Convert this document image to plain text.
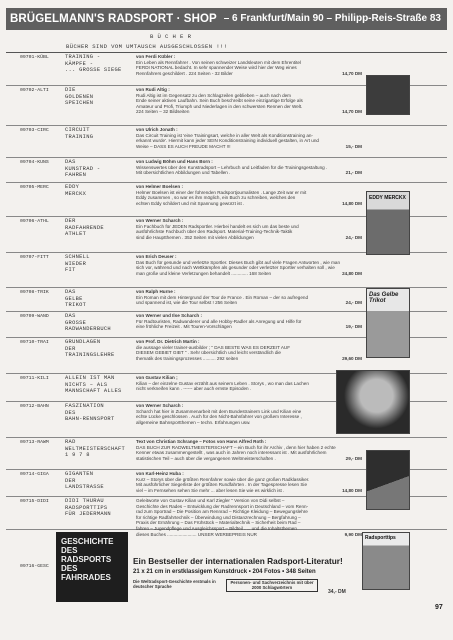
BRÜGELMANN'S RADSPORT · SHOP – 6 Frankfurt/Main 90 – Philipp-Reis-Straße 83
B Ü C H E R
BÜCHER SIND VOM UMTAUSCH AUSGESCHLOSSEN !!!
09701-KÜBL	TRAINING -
KÄMPFE -
... GROSSE SIEGE
von Ferdi Kübler :
Ein Leben als Rennfahrer . Von seinen schweizer Landsleuten mit dem Ehrentitel
FERDI NATIONAL bedacht. In sehr spannender Weise wird hier der Weg eines
Rennfahrers geschildert . 224 Seiten - 32 Bilder	14,70 DM
09702-ALTI	DIE
GOLDENEN
SPEICHEN
von Rudi Altig :
Rudi Altig ist im Gegensatz zu den Schlagzeilen geblieben – auch nach dem
Ende seiner aktiven Laufbahn. Sein Buch beschreibt seine einzigartige Erfolge als
Amateur und Profi, Triumph und Niederlagen in den schwersten Rennen der Welt.
224 Seiten – 32 Bildseiten	14,70 DM
09703-CIRC	CIRCUIT
TRAINING
von Ulrich Jonath :
Das Circuit Training ist 'eine Trainingsart, welche in aller Welt als Konditionstraining an-
erkannt wurde'. Hiermit kann jeder SEIN Konditionstraining individuell gestalten, in Art und
Weise – DASS ES AUCH FREUDE MACHT !!!	15,- DM
09704-KUNS	DAS
KUNSTRAD -
FAHREN
von Ludwig Böhm und Hans Born :
Wissenswertes über den Kunstradsport – Lehrbuch und Leitfaden für die Trainingsgestaltung .
Mit übersichtlichen Abbildungen und Tabellen .	21,- DM
09705-MERC	EDDY
MERCKX
von Helmer Boelsen :
Helmer Boelsen ist einer der führenden Radsportjournalisten . Lange Zeit war er mit
Eddy zusammen , so war es ihm möglich, ein Buch zu schreiben, welches den
echten Eddy schildert und mit Spannung gewürzt ist .	14,80 DM
09706-ATHL	DER
RADFAHRENDE
ATHLET
von Werner Scharch :
Ein Fachbuch für JEDEN Radsportler. Hierbei handelt es sich um das beste und
ausführlichste Fachbuch über den Radsport. Material-Training-Technik-Taktik
sind die Hauptthemen . 352 Seiten mit vielen Abbildungen	24,- DM
09707-FITT	SCHNELL
WIEDER
FIT
von Erich Deuser :
Das Buch für gesunde und verletzte Sportler. Dieses Buch gibt auf viele Fragen Antworten , wie man
sich vor, während und nach Wettkämpfen als gesunder oder verletzter Sportler verhalten soll , wie
man große und kleine Verletzungen behandelt ............. 168 Seiten	24,80 DM
09708-TRIK	DAS
GELBE
TRIKOT
von Ralph Hurne :
Ein Roman mit dem Hintergrund der Tour de France . Ein Roman – der so aufregend
und spannend ist, wie die Tour selbst ! 256 Seiten	24,- DM
09709-WAND	DAS
GROSSE
RADWANDERBUCH
von Werner und Ilse Scharch :
Für Radtouristen, Radwanderer und alle Hobby-Radler als Anregung und Hilfe für
eine fröhliche Freizeit . Mit Touren-Vorschlägen	19,- DM
09710-TRAI	GRUNDLAGEN
DER
TRAININGSLEHRE
von Prof. Dr. Dietrich Martin :
die aussage vieler trainer-ausbilder ; " DAS BESTE WAS ES DERZEIT AUF
DIESEM GEBIET GIBT " . Sehr übersichtlich und leicht verständlich die
thematik des trainingsprozesses .......... 292 seiten	29,60 DM
09711-KILI	ALLEIN IST MAN
NICHTS – ALS
MANNSCHAFT ALLES
von Gustav Kilian ;
Kilian – der einzelne Gustav erzählt aus seinem Leben . Storys , wo man das Lachen
nicht verkneifen kann . ------ aber auch ernste Episoden .
09712-BAHN	FASZINATION
DES
BAHN-RENNSPORT
von Werner Scharch :
Scharch hat hier in Zusammenarbeit mit dem Bundestrainern Link und Kilian eine
echte Lücke geschlossen . Auch für den Nicht-Bahnfahrer von großem Interesse ,
allgemeine Bahnsportthemen – techn. Erfahrungen usw.
09713-RAWM	RAD
WELTMEISTERSCHAFT
1 9 7 8
Text von Christian Schrange – Fotos von Hans Alfred Roth :
DAS BUCH ZUR RADWELTMEISTERSCHAFT – ein Buch für ihr Archiv , denn hier haben 2 echte
Kenner etwas zusammengestellt , was auch in Jahren noch interessant ist . Mit ausführlichem
statistischen Teil – auch über die vergangenen Weltmeisterschaften .	29,- DM
09714-GIGA	GIGANTEN
DER
LANDSTRASSE
von Karl-Heinz Huba :
Kurz – Storys über die größten Rennfahrer sowie über die ganz großen Radklassiker.
Mit ausführlicher Siegerliste der größten Rundfahrten . In der Tagespresse lesen Sie
viel – im Fernsehen sehen Sie mehr ... aber lesen Sie wie es wirklich ist .	14,80 DM
09715-DIDI	DIDI THURAU
RADSPORTTIPS
FÜR JEDERMANN
Geleitworte von Gustav Kilian und Karl Ziegler " Version von Didi selbst –
Geschichte des Rades – Entwicklung der Radrennsport in Deutschland – vom Renn-
rad zum Sportrad – Die Position am Rennrad – Richtige Kleidung – Bewegungslehre
für richtige Radfahrtechnik – Überwindung und Distanzrechnung – Bergfahrung –
Praxis der Ernährung – Das Frühstück – Materialtechnik – Sicherheit beim Rad –
fahren – Jugendpflege und Ausgleichssport – Bildteil ..... und die Inhaltsthemen
dieses Buches ....................... UNSER WERBEPREIS NUR	9,90 DM
EDDY MERCKX
Das Gelbe Trikot
Radsporttips
09716-GESC
GESCHICHTE DES RADSPORTS DES FAHRRADES
Ein Bestseller der internationalen Radsport-Literatur!
21 x 21 cm in erstklassigem Kunstdruck • 204 Fotos • 348 Seiten
Die Weltradsport-Geschichte erstmals in deutscher Sprache
Personen- und Sachverzeichnis mit über 2000 Schlagwörtern
34,- DM
97
